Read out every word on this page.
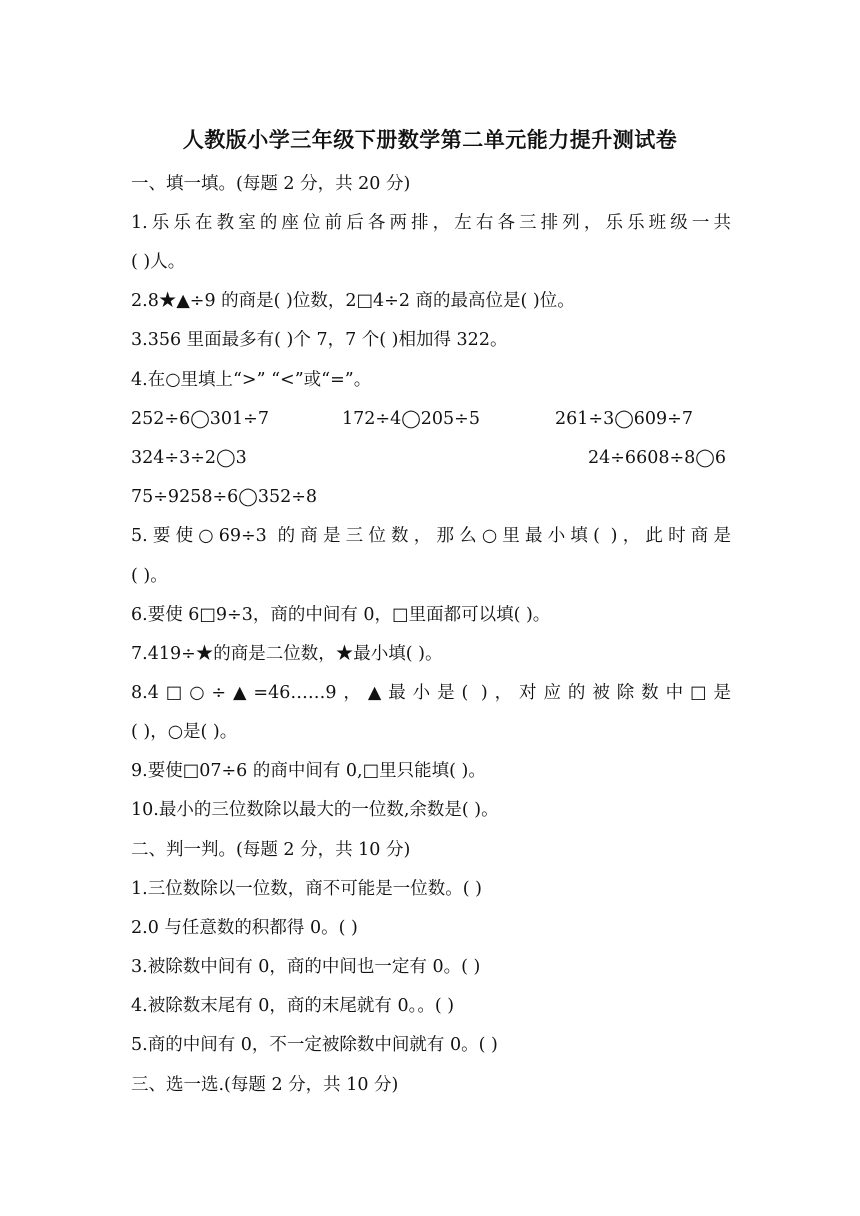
人教版小学三年级下册数学第二单元能力提升测试卷
一、填一填。(每题 2 分，共 20 分)
1.乐乐在教室的座位前后各两排，左右各三排列，乐乐班级一共
( )人。
2.8★▲÷9 的商是( )位数，2□4÷2 商的最高位是( )位。
3.356 里面最多有( )个 7，7 个( )相加得 322。
4.在○里填上“>” “<”或“=”。
252÷6◯301÷7	172÷4◯205÷5	261÷3◯609÷7
324÷3÷2◯3	24÷6608÷8◯6
75÷9258÷6◯352÷8
5.要使○69÷3 的商是三位数，那么○里最小填( )，此时商是
( )。
6.要使 6□9÷3，商的中间有 0，□里面都可以填( )。
7.419÷★的商是二位数，★最小填( )。
8.4□○÷▲=46……9，▲最小是( )，对应的被除数中□是
( )，○是( )。
9.要使□07÷6 的商中间有 0,□里只能填( )。
10.最小的三位数除以最大的一位数,余数是( )。
二、判一判。(每题 2 分，共 10 分)
1.三位数除以一位数，商不可能是一位数。( )
2.0 与任意数的积都得 0。( )
3.被除数中间有 0，商的中间也一定有 0。( )
4.被除数末尾有 0，商的末尾就有 0。。( )
5.商的中间有 0，不一定被除数中间就有 0。( )
三、选一选.(每题 2 分，共 10 分)
